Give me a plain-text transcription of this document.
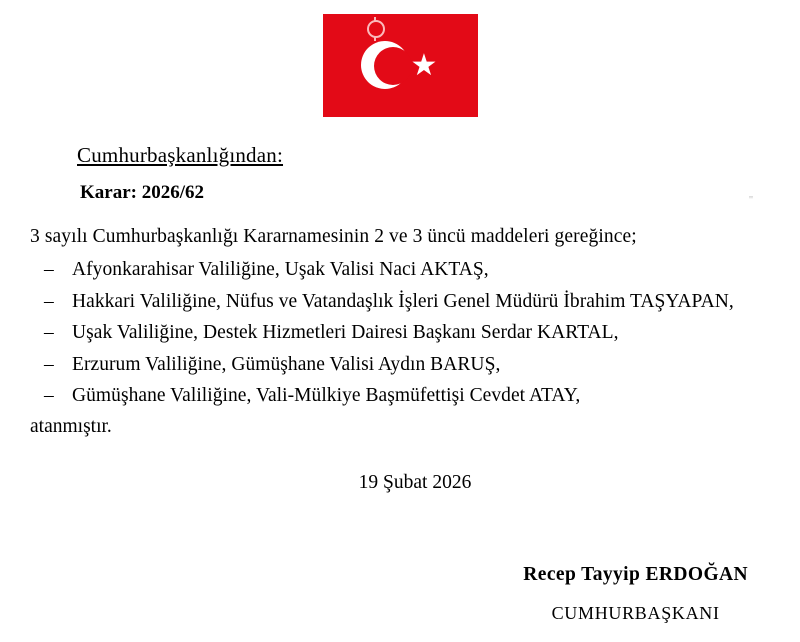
★
''
Cumhurbaşkanlığından:
Karar: 2026/62
3 sayılı Cumhurbaşkanlığı Kararnamesinin 2 ve 3 üncü maddeleri gereğince;
– Afyonkarahisar Valiliğine, Uşak Valisi Naci AKTAŞ,
– Hakkari Valiliğine, Nüfus ve Vatandaşlık İşleri Genel Müdürü İbrahim TAŞYAPAN,
– Uşak Valiliğine, Destek Hizmetleri Dairesi Başkanı Serdar KARTAL,
– Erzurum Valiliğine, Gümüşhane Valisi Aydın BARUŞ,
– Gümüşhane Valiliğine, Vali-Mülkiye Başmüfettişi Cevdet ATAY,
atanmıştır.
19 Şubat 2026
Recep Tayyip ERDOĞAN
CUMHURBAŞKANI
